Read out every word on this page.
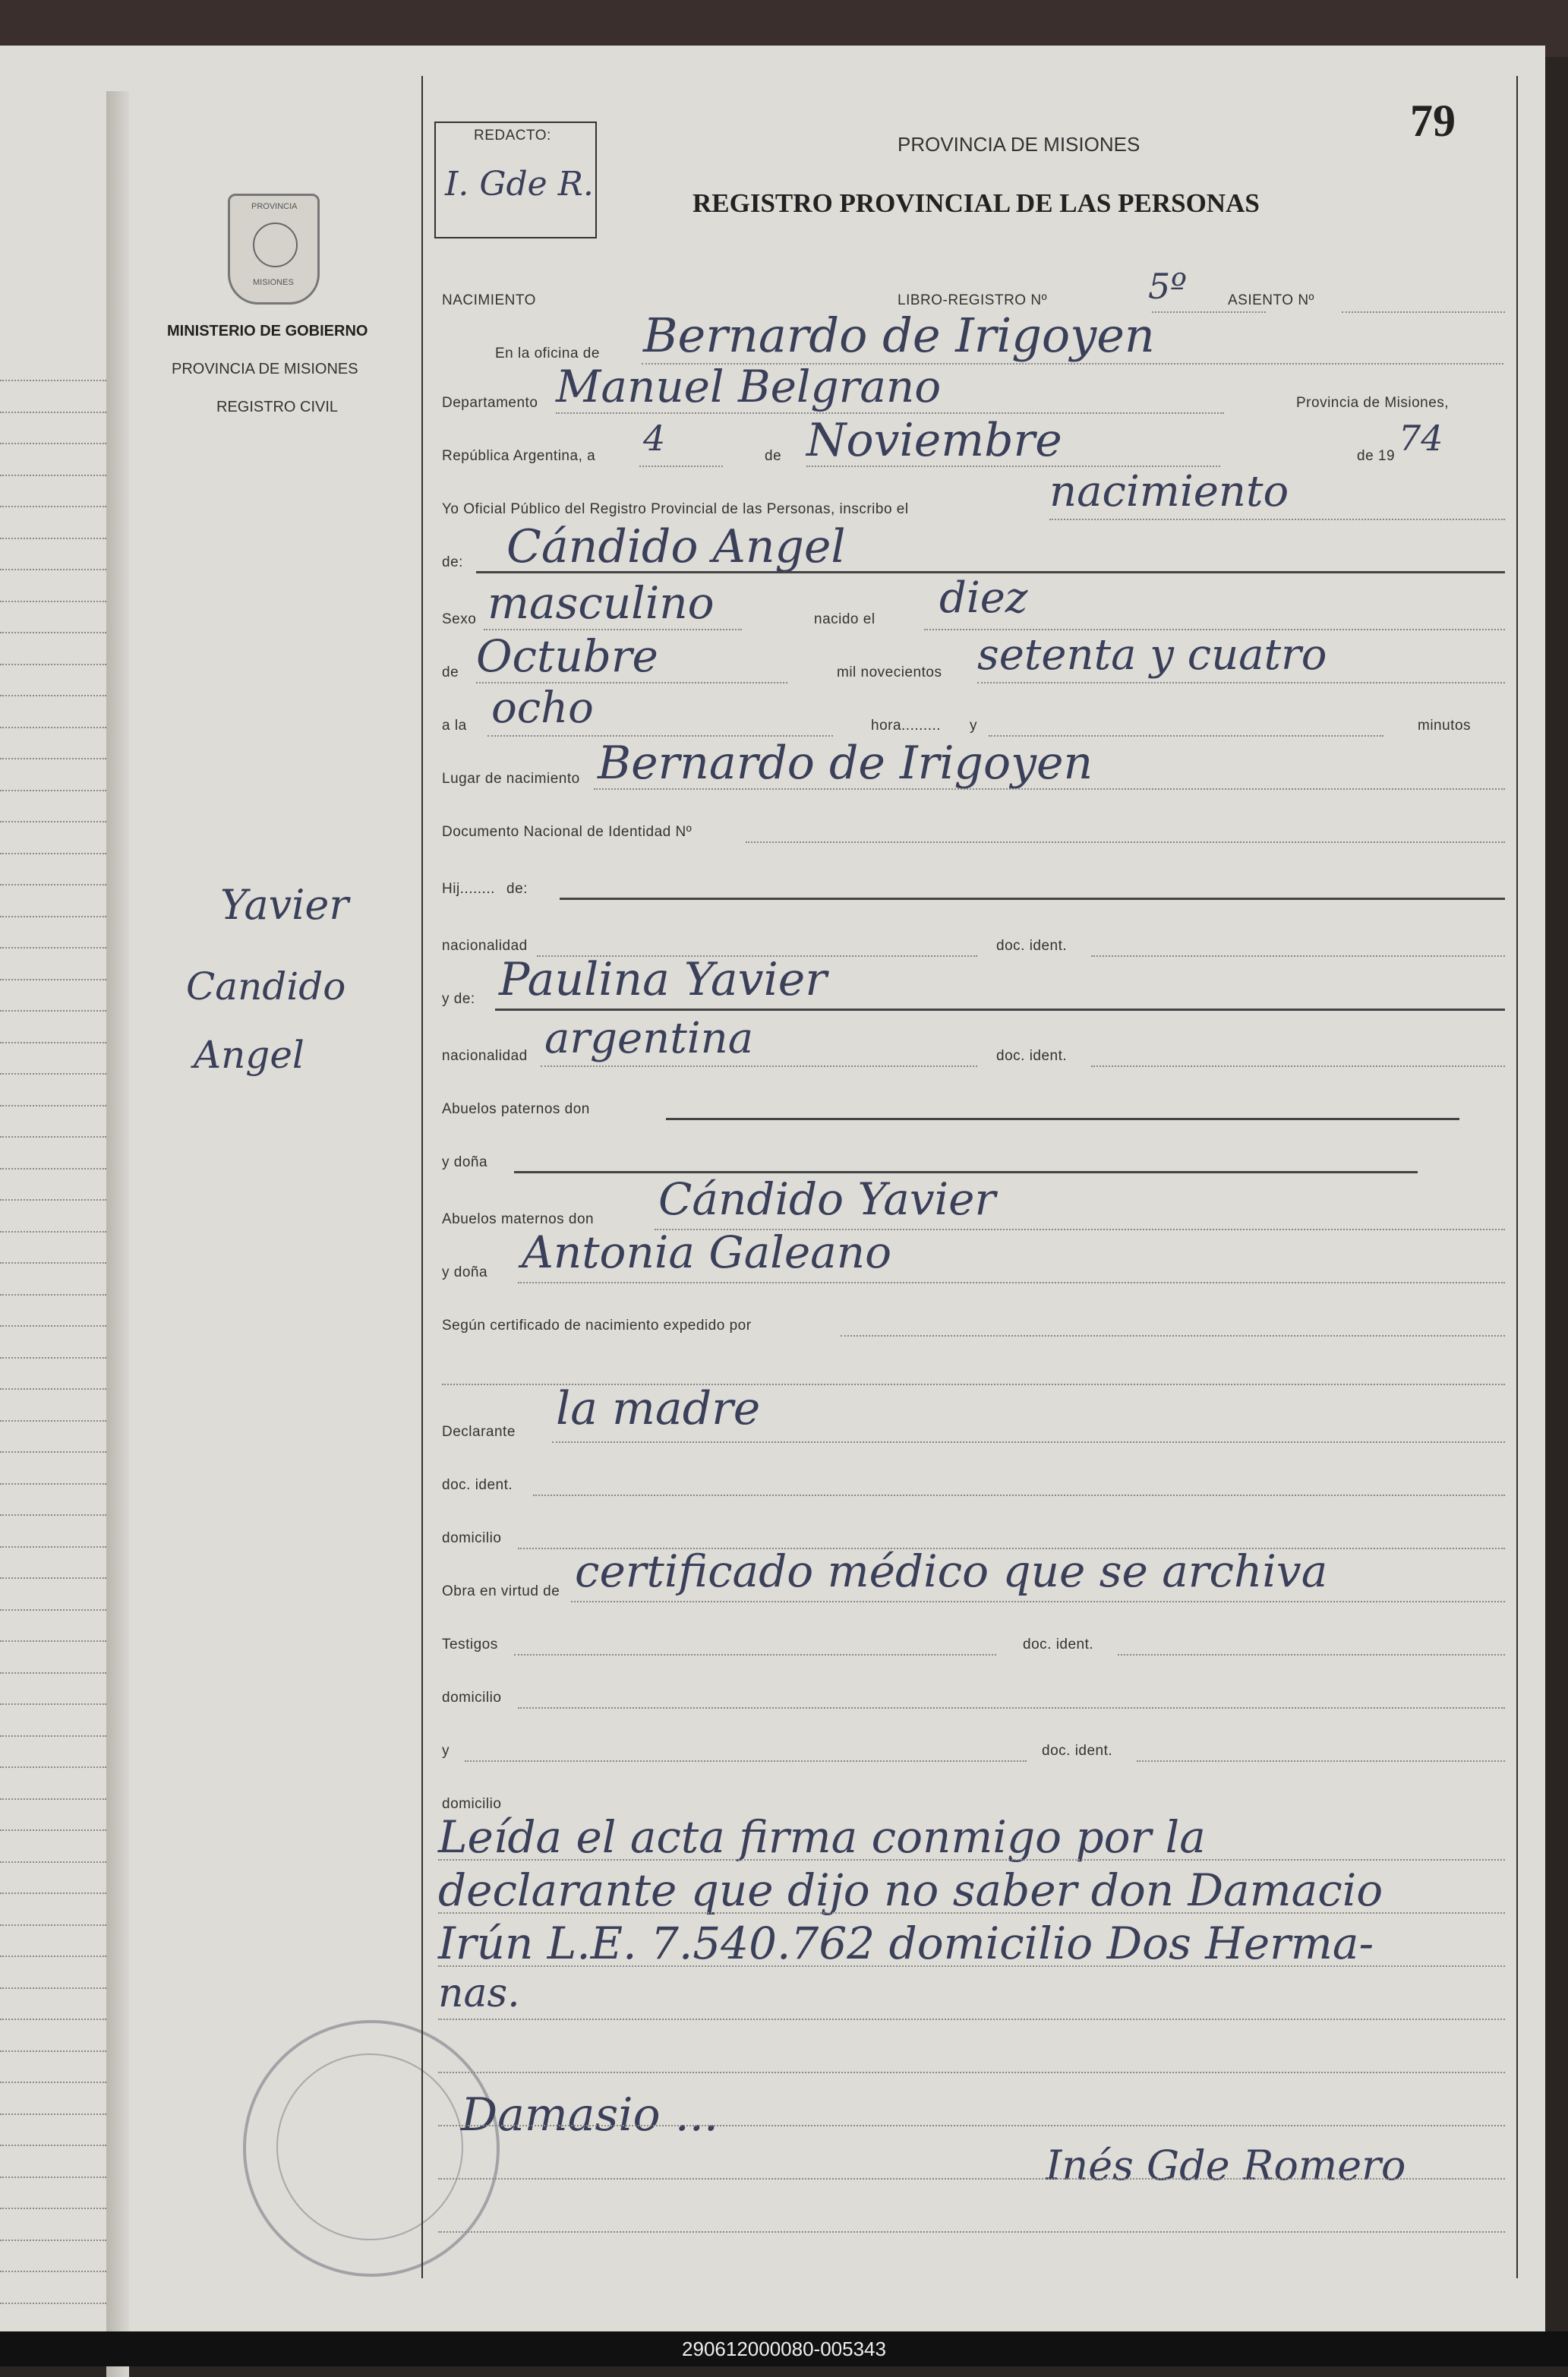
PROVINCIA
MISIONES
MINISTERIO DE GOBIERNO
PROVINCIA DE MISIONES
REGISTRO CIVIL
Yavier
Candido
Angel
REDACTO:
I. Gde R.
PROVINCIA DE MISIONES
REGISTRO PROVINCIAL DE LAS PERSONAS
79
NACIMIENTO	LIBRO-REGISTRO Nº	5º	ASIENTO Nº
En la oficina de Bernardo de Irigoyen
Departamento Manuel Belgrano	Provincia de Misiones,
República Argentina, a 4	de Noviembre	de 19 74
Yo Oficial Público del Registro Provincial de las Personas, inscribo el	nacimiento
de: Cándido Angel
Sexo masculino	nacido el diez
de Octubre	mil novecientos setenta y cuatro
a la ocho	hora......... y	minutos
Lugar de nacimiento Bernardo de Irigoyen
Documento Nacional de Identidad Nº
Hij........ de:
nacionalidad	doc. ident.
y de: Paulina Yavier
nacionalidad argentina	doc. ident.
Abuelos paternos don
y doña
Abuelos maternos don Cándido Yavier
y doña Antonia Galeano
Según certificado de nacimiento expedido por
Declarante la madre
doc. ident.
domicilio
Obra en virtud de certificado médico que se archiva
Testigos	doc. ident.
domicilio
y	doc. ident.
domicilio
Leída el acta firma conmigo por la
declarante que dijo no saber don Damacio
Irún L.E. 7.540.762 domicilio Dos Herma-
nas.
Damasio ...
Inés Gde Romero
290612000080-005343
